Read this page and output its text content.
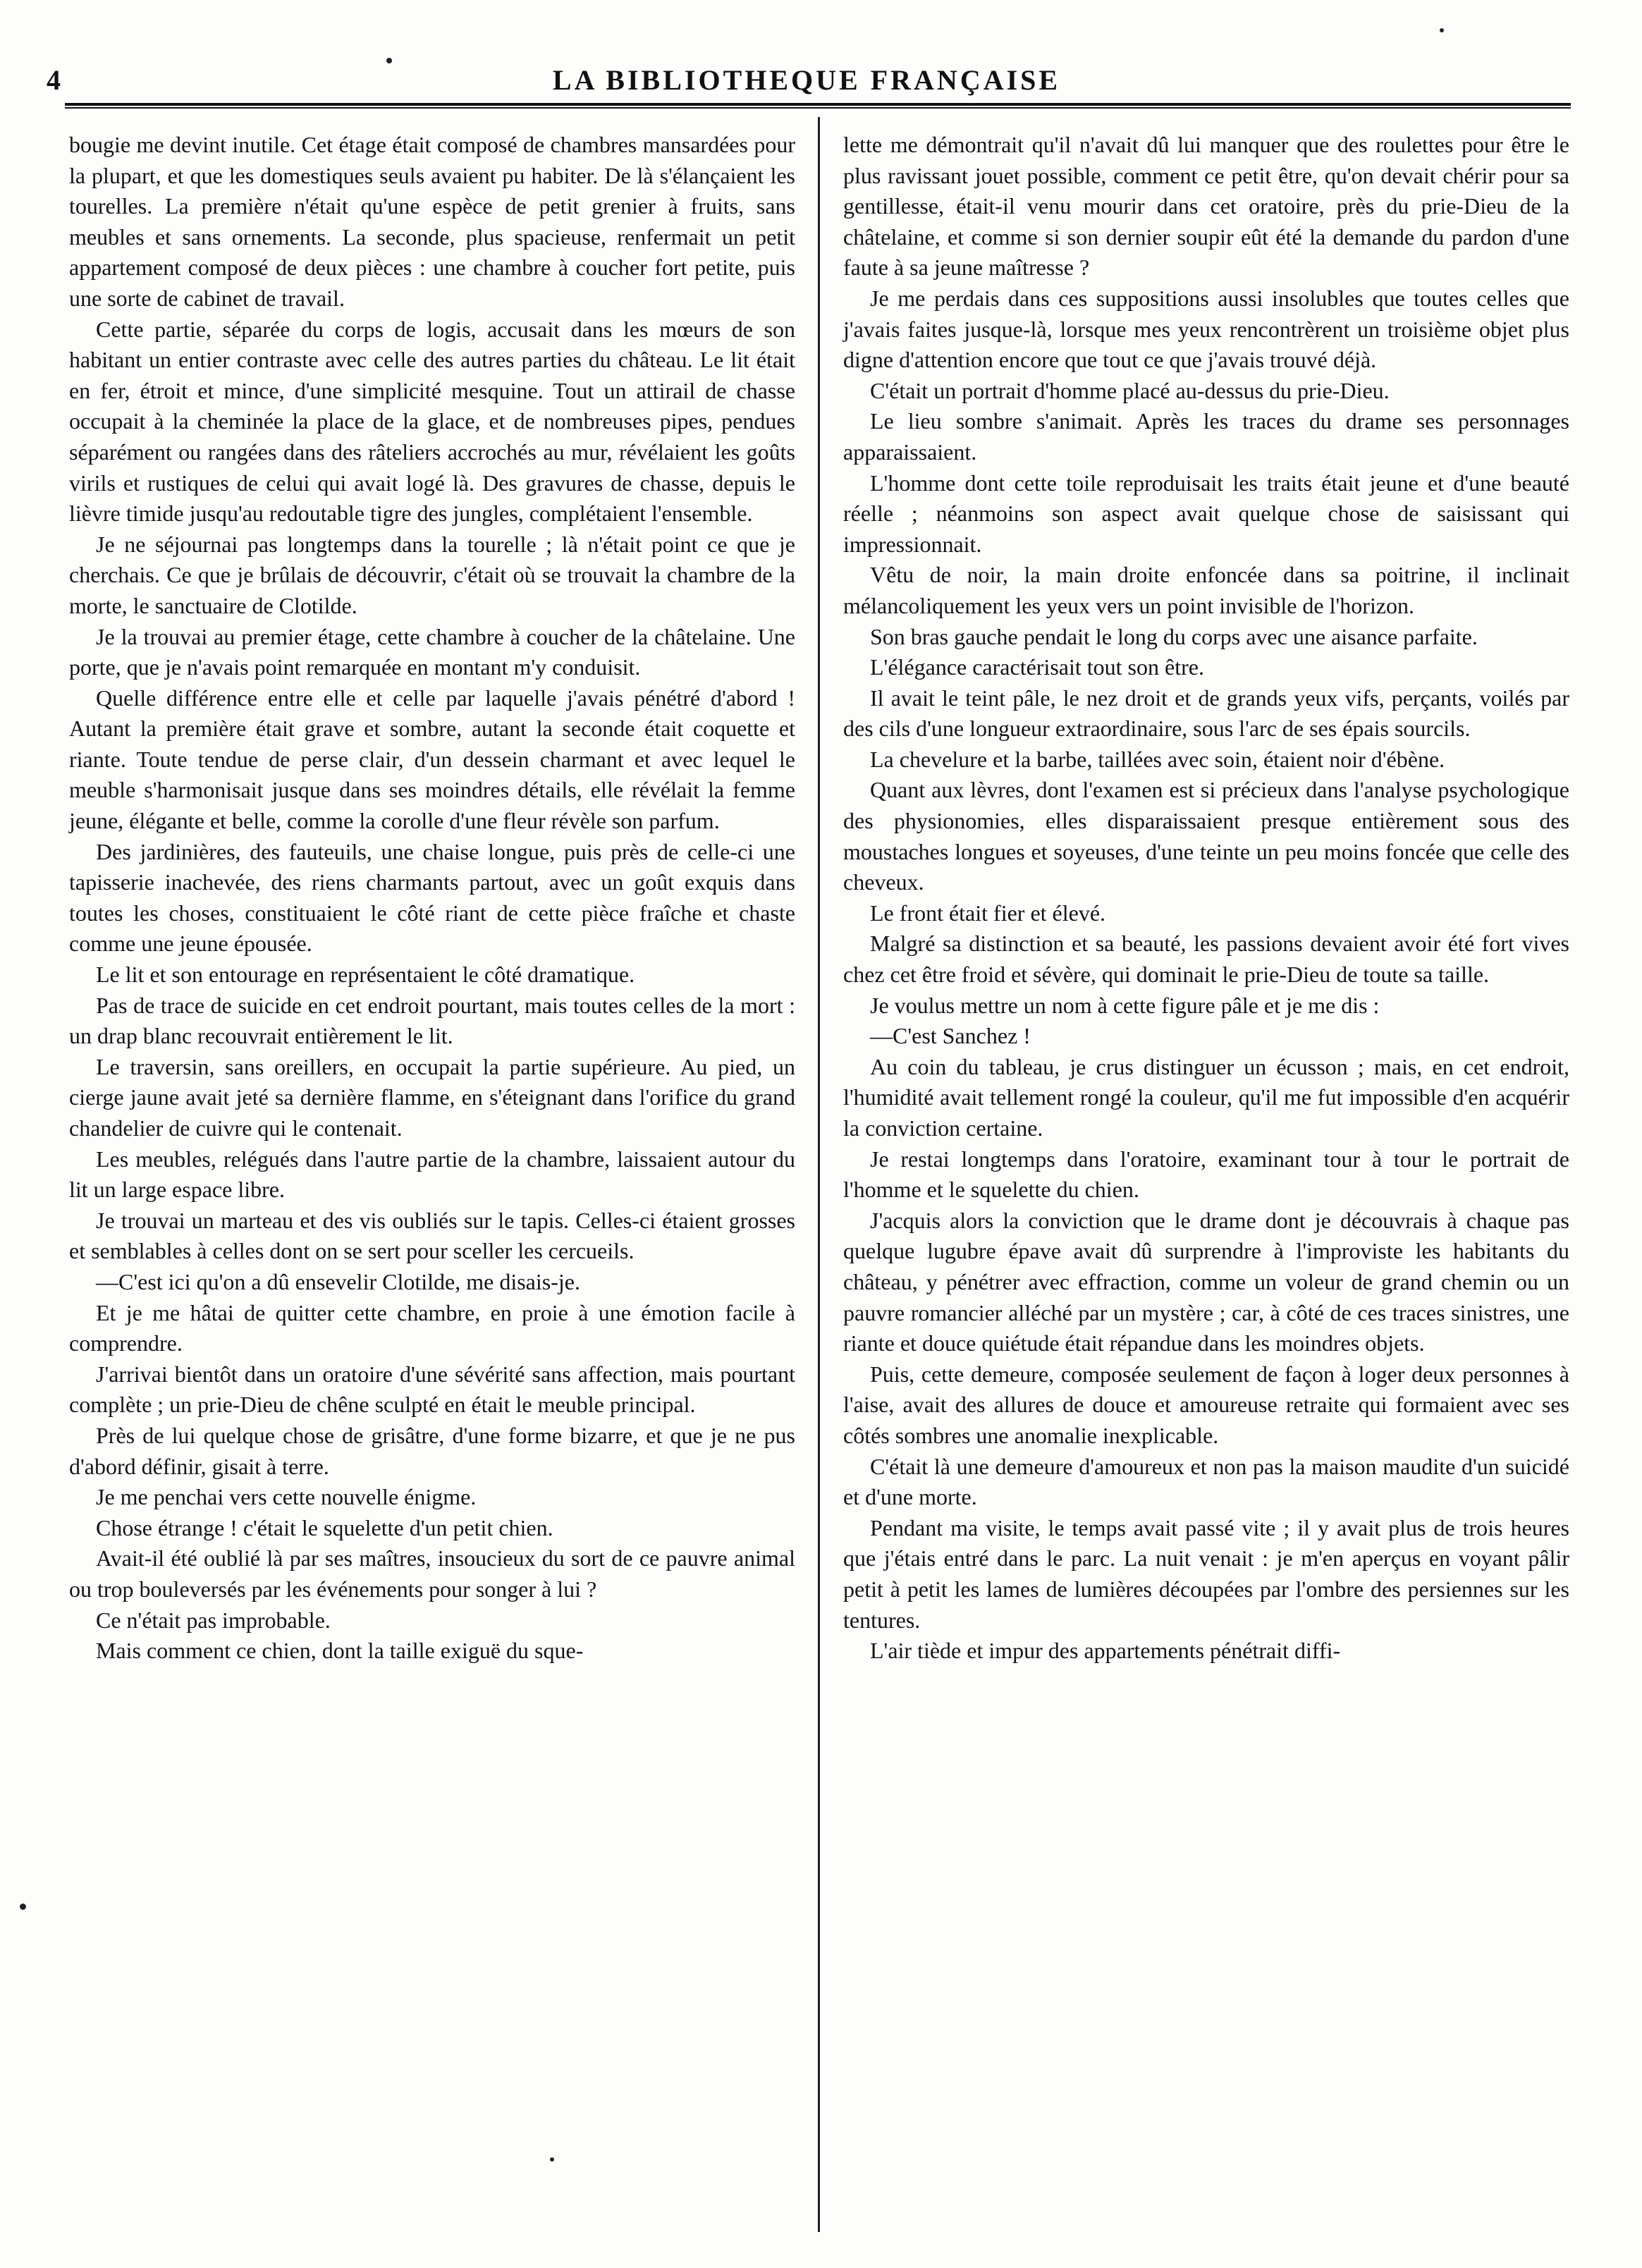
4	LA BIBLIOTHEQUE FRANÇAISE

bougie me devint inutile. Cet étage était composé de chambres mansardées pour la plupart, et que les domestiques seuls avaient pu habiter. De là s'élançaient les tourelles. La première n'était qu'une espèce de petit grenier à fruits, sans meubles et sans ornements. La seconde, plus spacieuse, renfermait un petit appartement composé de deux pièces : une chambre à coucher fort petite, puis une sorte de cabinet de travail.

Cette partie, séparée du corps de logis, accusait dans les mœurs de son habitant un entier contraste avec celle des autres parties du château. Le lit était en fer, étroit et mince, d'une simplicité mesquine. Tout un attirail de chasse occupait à la cheminée la place de la glace, et de nombreuses pipes, pendues séparément ou rangées dans des râteliers accrochés au mur, révélaient les goûts virils et rustiques de celui qui avait logé là. Des gravures de chasse, depuis le lièvre timide jusqu'au redoutable tigre des jungles, complétaient l'ensemble.

Je ne séjournai pas longtemps dans la tourelle ; là n'était point ce que je cherchais. Ce que je brûlais de découvrir, c'était où se trouvait la chambre de la morte, le sanctuaire de Clotilde.

Je la trouvai au premier étage, cette chambre à coucher de la châtelaine. Une porte, que je n'avais point remarquée en montant m'y conduisit.

Quelle différence entre elle et celle par laquelle j'avais pénétré d'abord ! Autant la première était grave et sombre, autant la seconde était coquette et riante. Toute tendue de perse clair, d'un dessein charmant et avec lequel le meuble s'harmonisait jusque dans ses moindres détails, elle révélait la femme jeune, élégante et belle, comme la corolle d'une fleur révèle son parfum.

Des jardinières, des fauteuils, une chaise longue, puis près de celle-ci une tapisserie inachevée, des riens charmants partout, avec un goût exquis dans toutes les choses, constituaient le côté riant de cette pièce fraîche et chaste comme une jeune épousée.

Le lit et son entourage en représentaient le côté dramatique.

Pas de trace de suicide en cet endroit pourtant, mais toutes celles de la mort : un drap blanc recouvrait entièrement le lit.

Le traversin, sans oreillers, en occupait la partie supérieure. Au pied, un cierge jaune avait jeté sa dernière flamme, en s'éteignant dans l'orifice du grand chandelier de cuivre qui le contenait.

Les meubles, relégués dans l'autre partie de la chambre, laissaient autour du lit un large espace libre.

Je trouvai un marteau et des vis oubliés sur le tapis. Celles-ci étaient grosses et semblables à celles dont on se sert pour sceller les cercueils.

—C'est ici qu'on a dû ensevelir Clotilde, me disais-je.

Et je me hâtai de quitter cette chambre, en proie à une émotion facile à comprendre.

J'arrivai bientôt dans un oratoire d'une sévérité sans affection, mais pourtant complète ; un prie-Dieu de chêne sculpté en était le meuble principal.

Près de lui quelque chose de grisâtre, d'une forme bizarre, et que je ne pus d'abord définir, gisait à terre.

Je me penchai vers cette nouvelle énigme.

Chose étrange ! c'était le squelette d'un petit chien.

Avait-il été oublié là par ses maîtres, insoucieux du sort de ce pauvre animal ou trop bouleversés par les événements pour songer à lui ?

Ce n'était pas improbable.

Mais comment ce chien, dont la taille exiguë du sque-

lette me démontrait qu'il n'avait dû lui manquer que des roulettes pour être le plus ravissant jouet possible, comment ce petit être, qu'on devait chérir pour sa gentillesse, était-il venu mourir dans cet oratoire, près du prie-Dieu de la châtelaine, et comme si son dernier soupir eût été la demande du pardon d'une faute à sa jeune maîtresse ?

Je me perdais dans ces suppositions aussi insolubles que toutes celles que j'avais faites jusque-là, lorsque mes yeux rencontrèrent un troisième objet plus digne d'attention encore que tout ce que j'avais trouvé déjà.

C'était un portrait d'homme placé au-dessus du prie-Dieu.

Le lieu sombre s'animait. Après les traces du drame ses personnages apparaissaient.

L'homme dont cette toile reproduisait les traits était jeune et d'une beauté réelle ; néanmoins son aspect avait quelque chose de saisissant qui impressionnait.

Vêtu de noir, la main droite enfoncée dans sa poitrine, il inclinait mélancoliquement les yeux vers un point invisible de l'horizon.

Son bras gauche pendait le long du corps avec une aisance parfaite.

L'élégance caractérisait tout son être.

Il avait le teint pâle, le nez droit et de grands yeux vifs, perçants, voilés par des cils d'une longueur extraordinaire, sous l'arc de ses épais sourcils.

La chevelure et la barbe, taillées avec soin, étaient noir d'ébène.

Quant aux lèvres, dont l'examen est si précieux dans l'analyse psychologique des physionomies, elles disparaissaient presque entièrement sous des moustaches longues et soyeuses, d'une teinte un peu moins foncée que celle des cheveux.

Le front était fier et élevé.

Malgré sa distinction et sa beauté, les passions devaient avoir été fort vives chez cet être froid et sévère, qui dominait le prie-Dieu de toute sa taille.

Je voulus mettre un nom à cette figure pâle et je me dis :

—C'est Sanchez !

Au coin du tableau, je crus distinguer un écusson ; mais, en cet endroit, l'humidité avait tellement rongé la couleur, qu'il me fut impossible d'en acquérir la conviction certaine.

Je restai longtemps dans l'oratoire, examinant tour à tour le portrait de l'homme et le squelette du chien.

J'acquis alors la conviction que le drame dont je découvrais à chaque pas quelque lugubre épave avait dû surprendre à l'improviste les habitants du château, y pénétrer avec effraction, comme un voleur de grand chemin ou un pauvre romancier alléché par un mystère ; car, à côté de ces traces sinistres, une riante et douce quiétude était répandue dans les moindres objets.

Puis, cette demeure, composée seulement de façon à loger deux personnes à l'aise, avait des allures de douce et amoureuse retraite qui formaient avec ses côtés sombres une anomalie inexplicable.

C'était là une demeure d'amoureux et non pas la maison maudite d'un suicidé et d'une morte.

Pendant ma visite, le temps avait passé vite ; il y avait plus de trois heures que j'étais entré dans le parc. La nuit venait : je m'en aperçus en voyant pâlir petit à petit les lames de lumières découpées par l'ombre des persiennes sur les tentures.

L'air tiède et impur des appartements pénétrait diffi-
